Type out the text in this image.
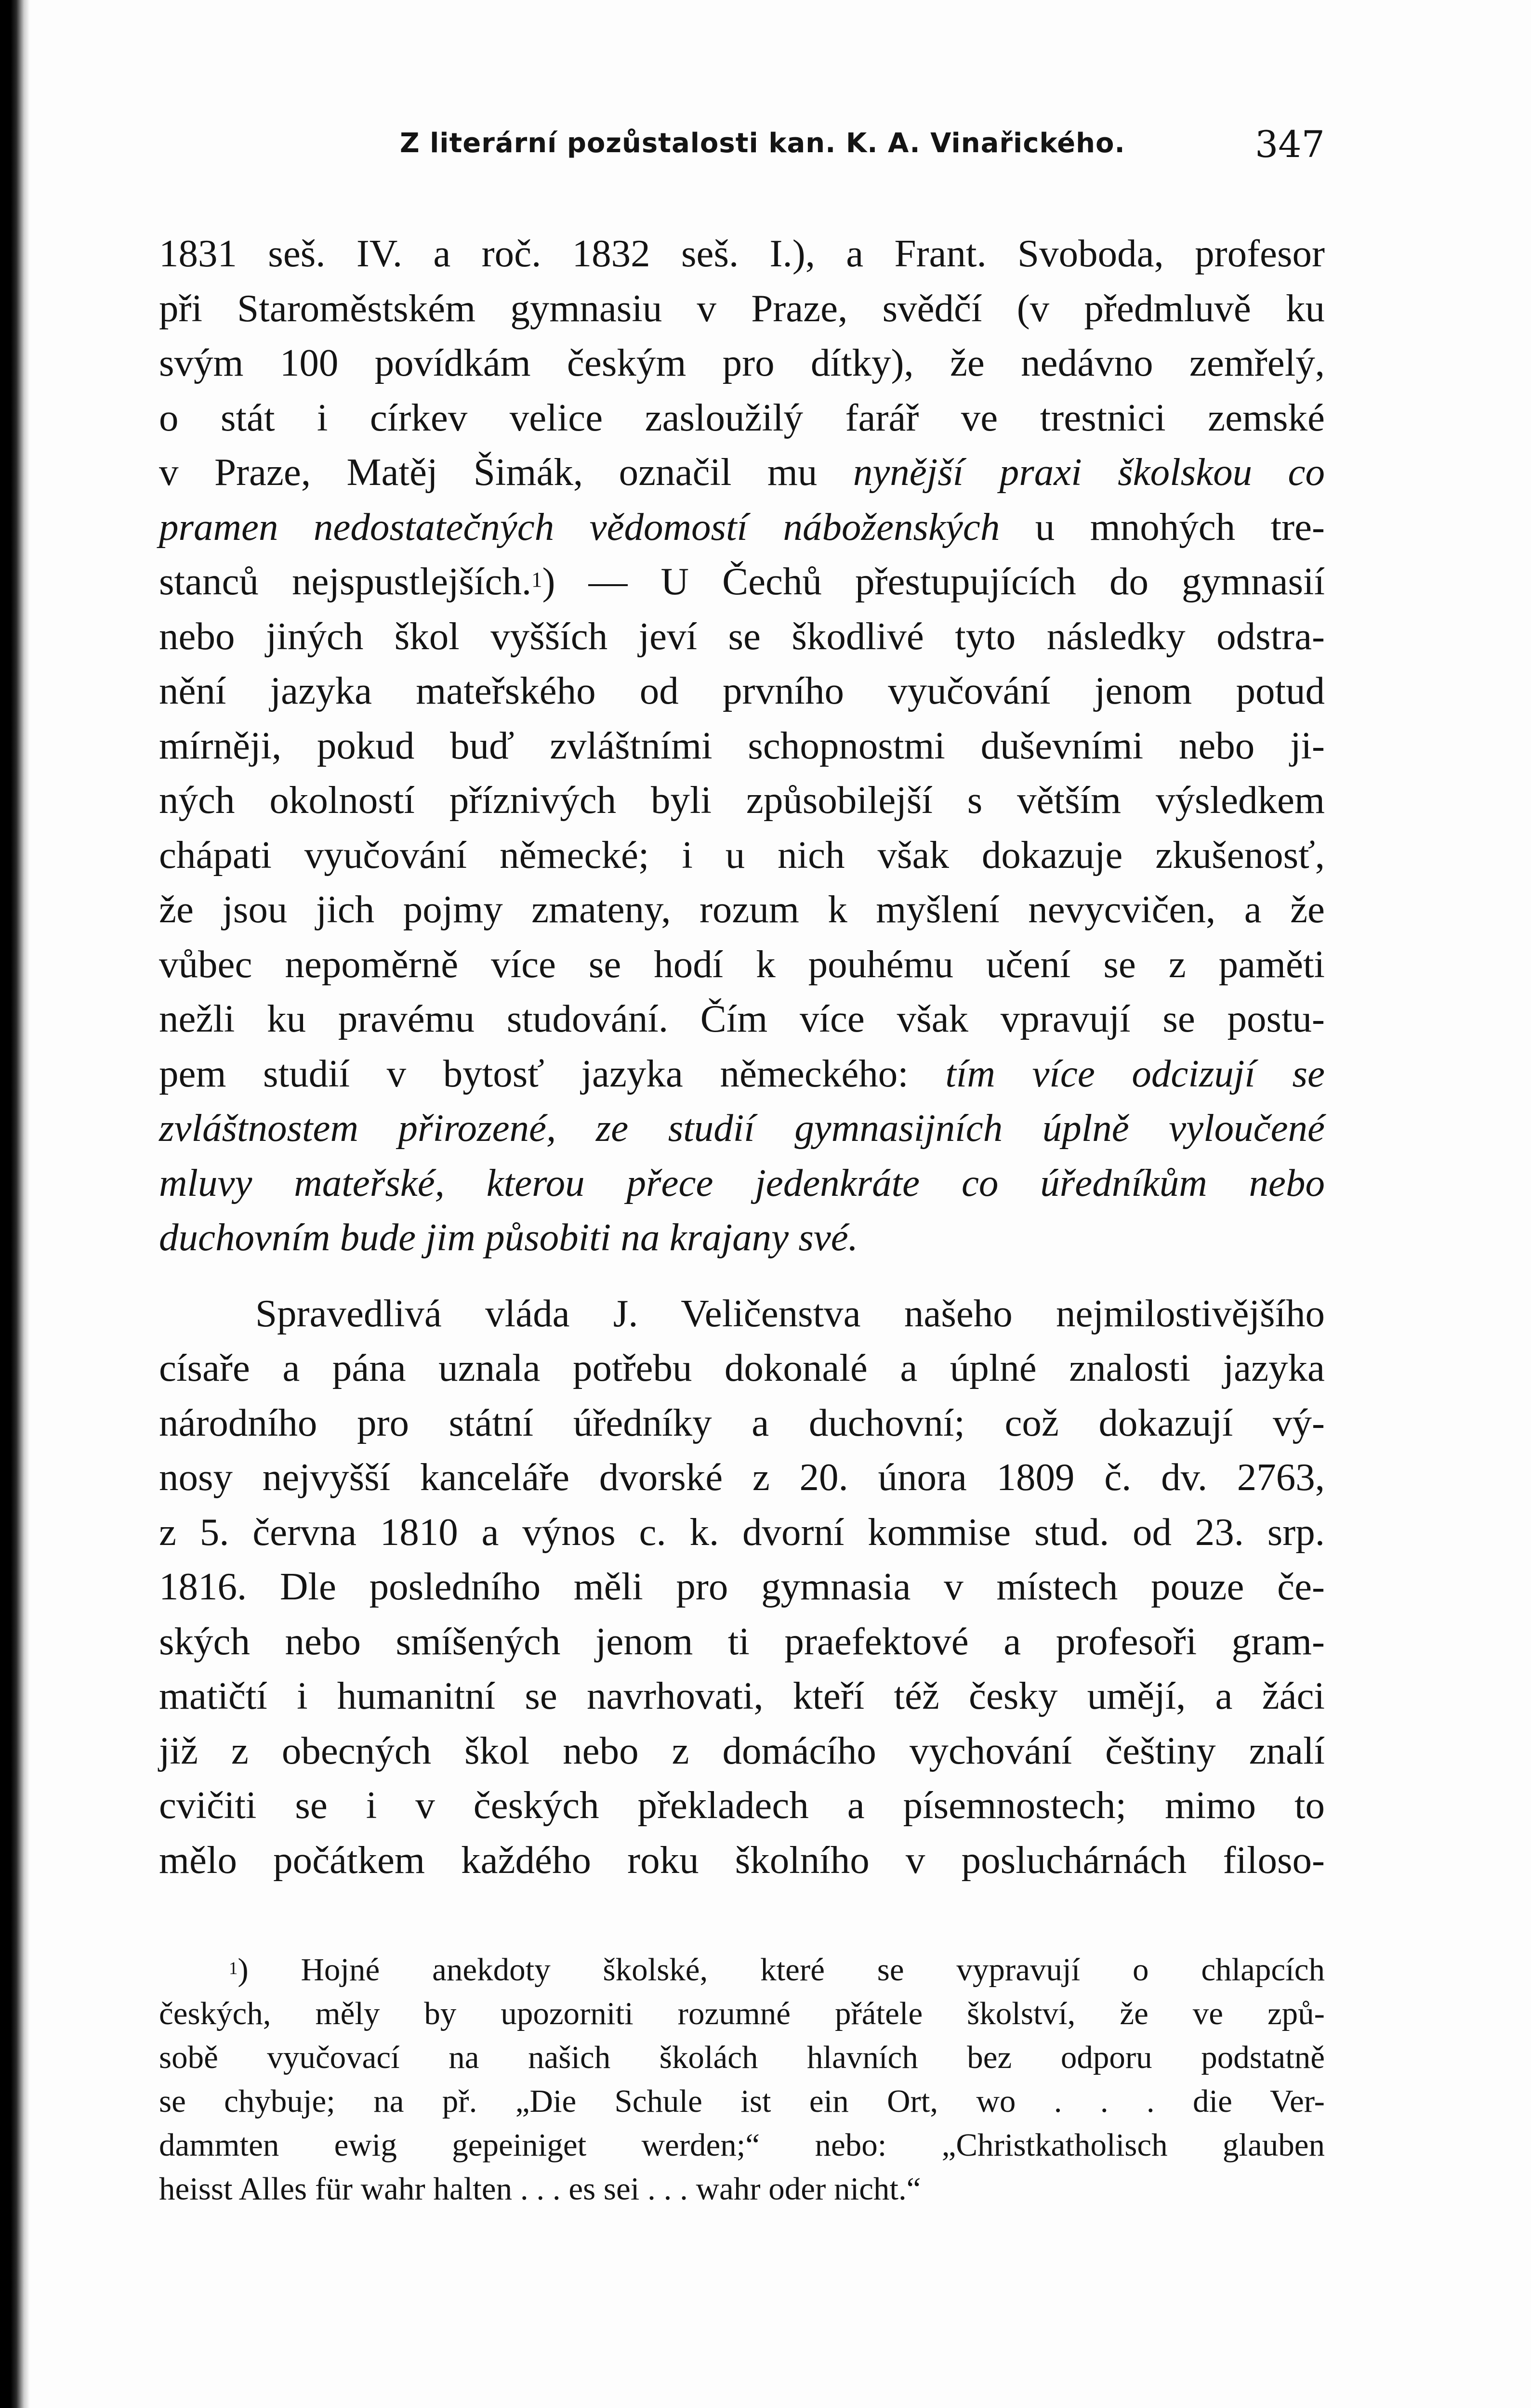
Z literární pozůstalosti kan. K. A. Vinařického.	347
1831 seš. IV. a roč. 1832 seš. I.), a Frant. Svoboda, profesor
při Staroměstském gymnasiu v Praze, svědčí (v předmluvě ku
svým 100 povídkám českým pro dítky), že nedávno zemřelý,
o stát i církev velice zasloužilý farář ve trestnici zemské
v Praze, Matěj Šimák, označil mu nynější praxi školskou co
pramen nedostatečných vědomostí náboženských u mnohých tre-
stanců nejspustlejších.$^1$) — U Čechů přestupujících do gymnasií
nebo jiných škol vyšších jeví se škodlivé tyto následky odstra-
nění jazyka mateřského od prvního vyučování jenom potud
mírněji, pokud buď zvláštními schopnostmi duševními nebo ji-
ných okolností příznivých byli způsobilejší s větším výsledkem
chápati vyučování německé; i u nich však dokazuje zkušenosť,
že jsou jich pojmy zmateny, rozum k myšlení nevycvičen, a že
vůbec nepoměrně více se hodí k pouhému učení se z paměti
nežli ku pravému studování. Čím více však vpravují se postu-
pem studií v bytosť jazyka německého: tím více odcizují se
zvláštnostem přirozené, ze studií gymnasijních úplně vyloučené
mluvy mateřské, kterou přece jedenkráte co úředníkům nebo
duchovním bude jim působiti na krajany své.
Spravedlivá vláda J. Veličenstva našeho nejmilostivějšího
císaře a pána uznala potřebu dokonalé a úplné znalosti jazyka
národního pro státní úředníky a duchovní; což dokazují vý-
nosy nejvyšší kanceláře dvorské z 20. února 1809 č. dv. 2763,
z 5. června 1810 a výnos c. k. dvorní kommise stud. od 23. srp.
1816. Dle posledního měli pro gymnasia v místech pouze če-
ských nebo smíšených jenom ti praefektové a profesoři gram-
matičtí i humanitní se navrhovati, kteří též česky umějí, a žáci
již z obecných škol nebo z domácího vychování češtiny znalí
cvičiti se i v českých překladech a písemnostech; mimo to
mělo počátkem každého roku školního v posluchárnách filoso-
$^1$) Hojné anekdoty školské, které se vypravují o chlapcích
českých, měly by upozorniti rozumné přátele školství, že ve způ-
sobě vyučovací na našich školách hlavních bez odporu podstatně
se chybuje; na př. „Die Schule ist ein Ort, wo . . . die Ver-
dammten ewig gepeiniget werden;“ nebo: „Christkatholisch glauben
heisst Alles für wahr halten . . . es sei . . . wahr oder nicht.“
